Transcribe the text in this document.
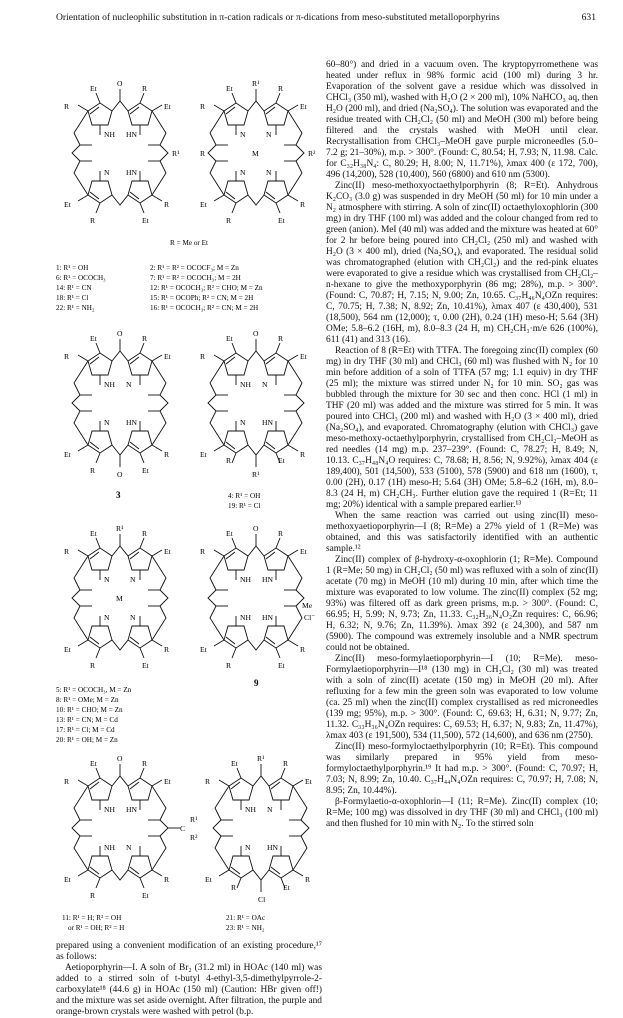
Orientation of nucleophilic substitution in π-cation radicals or π-dications from meso-substituted metalloporphyrins	631
O
Et	R
R	Et
NH HN
N HN
R¹
Et	R
R	Et
R¹
Et	R
R	Et
N	N
M
N	N
R	R²
Et	R
R	Et
R = Me or Et
1: R¹ = OH
6: R¹ = OCOCH₃
14: R¹ = CN
18: R¹ = Cl
22: R¹ = NH₂
2: R¹ = R² = OCOCF₃; M = Zn
7: R¹ = R² = OCOCH₃; M = 2H
12: R¹ = OCOCH₃; R² = CHO; M = Zn
15: R¹ = OCOPh; R² = CN; M = 2H
16: R¹ = OCOCH₃; R² = CN; M = 2H
O
O
Et	R
R	Et
NH N
N HN
Et	R
R	Et
3
O
R¹
Et	R
R	Et
NH N
N HN
Et	R
R	Et
4: R¹ = OH
19: R¹ = Cl
R¹
Et	R
R	Et
N	N
M
N	N
Et	R
R	Et
O
Et	R
R	Et
NH HN
NH HN
Me
Cl⁻
Et	R
R	Et
9
5: R¹ = OCOCH₃, M = Zn
8: R¹ = OMe; M = Zn
10: R¹ = CHO; M = Zn
13: R¹ = CN; M = Cd
17: R¹ = Cl; M = Cd
20: R¹ = OH; M = Zn
O
Et	R
R	Et
NH HN
NH N
C
R¹
R²
Et	R
R	Et
R¹
Cl
Et	R
R	Et
NH N
N HN
Et	R
R	Et
11: R¹ = H; R² = OH
or R¹ = OH; R² = H
21: R¹ = OAc
23: R¹ = NH₂

prepared using a convenient modification of an existing procedure,¹⁷ as follows:

Aetioporphyrin—I. A soln of Br₂ (31.2 ml) in HOAc (140 ml) was added to a stirred soln of t-butyl 4-ethyl-3,5-dimethylpyrrole-2-carboxylate¹⁸ (44.6 g) in HOAc (150 ml) (Caution: HBr given off!) and the mixture was set aside overnight. After filtration, the purple and orange-brown crystals were washed with petrol (b.p.

60–80°) and dried in a vacuum oven. The kryptopyrromethene was heated under reflux in 98% formic acid (100 ml) during 3 hr. Evaporation of the solvent gave a residue which was dissolved in CHCl₃ (350 ml), washed with H₂O (2 × 200 ml), 10% NaHCO₃ aq, then H₂O (200 ml), and dried (Na₂SO₄). The solution was evaporated and the residue treated with CH₂Cl₂ (50 ml) and MeOH (300 ml) before being filtered and the crystals washed with MeOH until clear. Recrystallisation from CHCl₃–MeOH gave purple microneedles (5.0–7.2 g; 21–30%), m.p. > 300°. (Found: C, 80.54; H, 7.93; N, 11.98. Calc. for C₃₂H₃₈N₄: C, 80.29; H, 8.00; N, 11.71%), λmax 400 (ε 172, 700), 496 (14,200), 528 (10,400), 560 (6800) and 610 nm (5300).

Zinc(II) meso-methoxyoctaethylporphyrin (8; R=Et). Anhydrous K₂CO₃ (3.0 g) was suspended in dry MeOH (50 ml) for 10 min under a N₂ atmosphere with stirring. A soln of zinc(II) octaethyloxophlorin (300 mg) in dry THF (100 ml) was added and the colour changed from red to green (anion). MeI (40 ml) was added and the mixture was heated at 60° for 2 hr before being poured into CH₂Cl₂ (250 ml) and washed with H₂O (3 × 400 ml), dried (Na₂SO₄), and evaporated. The residual solid was chromatographed (elution with CH₂Cl₂) and the red-pink eluates were evaporated to give a residue which was crystallised from CH₂Cl₂–n-hexane to give the methoxyporphyrin (86 mg; 28%), m.p. > 300°. (Found: C, 70.87; H, 7.15; N, 9.00; Zn, 10.65. C₃₇H₄₆N₄OZn requires: C, 70.75; H, 7.38; N, 8.92; Zn, 10.41%), λmax 407 (ε 430,400), 531 (18,500), 564 nm (12,000); τ, 0.00 (2H), 0.24 (1H) meso-H; 5.64 (3H) OMe; 5.8–6.2 (16H, m), 8.0–8.3 (24 H, m) CH₂CH₃·m/e 626 (100%), 611 (41) and 313 (16).

Reaction of 8 (R=Et) with TTFA. The foregoing zinc(II) complex (60 mg) in dry THF (30 ml) and CHCl₃ (60 ml) was flushed with N₂ for 10 min before addition of a soln of TTFA (57 mg; 1.1 equiv) in dry THF (25 ml); the mixture was stirred under N₂ for 10 min. SO₂ gas was bubbled through the mixture for 30 sec and then conc. HCl (1 ml) in THF (20 ml) was added and the mixture was stirred for 5 min. It was poured into CHCl₃ (200 ml) and washed with H₂O (3 × 400 ml), dried (Na₂SO₄), and evaporated. Chromatography (elution with CHCl₃) gave meso-methoxy-octaethylporphyrin, crystallised from CH₂Cl₂–MeOH as red needles (14 mg) m.p. 237–239°. (Found: C, 78.27; H, 8.49; N, 10.13. C₃₇H₄₈N₄O requires: C, 78.68; H, 8.56; N, 9.92%), λmax 404 (ε 189,400), 501 (14,500), 533 (5100), 578 (5900) and 618 nm (1600), τ, 0.00 (2H), 0.17 (1H) meso-H; 5.64 (3H) OMe; 5.8–6.2 (16H, m), 8.0–8.3 (24 H, m) CH₂CH₃. Further elution gave the required 1 (R=Et; 11 mg; 20%) identical with a sample prepared earlier.¹³

When the same reaction was carried out using zinc(II) meso-methoxyaetioporphyrin—I (8; R=Me) a 27% yield of 1 (R=Me) was obtained, and this was satisfactorily identified with an authentic sample.¹²

Zinc(II) complex of β-hydroxy-α-oxophlorin (1; R=Me). Compound 1 (R=Me; 50 mg) in CH₂Cl₂ (50 ml) was refluxed with a soln of zinc(II) acetate (70 mg) in MeOH (10 ml) during 10 min, after which time the mixture was evaporated to low volume. The zinc(II) complex (52 mg; 93%) was filtered off as dark green prisms, m.p. > 300°. (Found: C, 66.95; H, 5.99; N, 9.73; Zn, 11.33. C₃₂H₃₆N₄O₂Zn requires: C, 66.96; H, 6.32; N, 9.76; Zn, 11.39%). λmax 392 (ε 24,300), and 587 nm (5900). The compound was extremely insoluble and a NMR spectrum could not be obtained.

Zinc(II) meso-formylaetioporphyrin—I (10; R=Me). meso-Formylaetioporphyrin—I¹⁸ (130 mg) in CH₂Cl₂ (30 ml) was treated with a soln of zinc(II) acetate (150 mg) in MeOH (20 ml). After refluxing for a few min the green soln was evaporated to low volume (ca. 25 ml) when the zinc(II) complex crystallised as red microneedles (139 mg; 95%), m.p. > 300°. (Found: C, 69.63; H, 6.31; N, 9.77; Zn, 11.32. C₃₃H₃₆N₄OZn requires: C, 69.53; H, 6.37; N, 9.83; Zn, 11.47%), λmax 403 (ε 191,500), 534 (11,500), 572 (14,600), and 636 nm (2750).

Zinc(II) meso-formyloctaethylporphyrin (10; R=Et). This compound was similarly prepared in 95% yield from meso-formyloctaethylporphyrin.¹⁹ It had m.p. > 300°. (Found: C, 70.97; H, 7.03; N, 8.99; Zn, 10.40. C₃₇H₄₄N₄OZn requires: C, 70.97; H, 7.08; N, 8.95; Zn, 10.44%).

β-Formylaetio-α-oxophlorin—I (11; R=Me). Zinc(II) complex (10; R=Me; 100 mg) was dissolved in dry THF (30 ml) and CHCl₃ (100 ml) and then flushed for 10 min with N₂. To the stirred soln
